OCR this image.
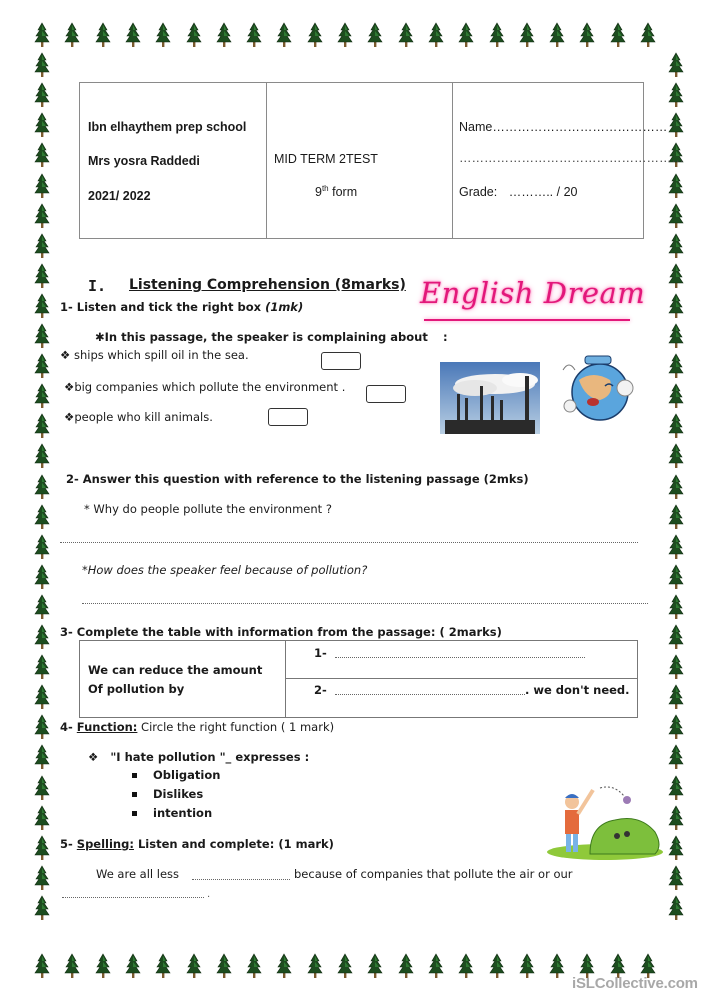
Ibn elhaythem prep school
Mrs yosra Raddedi
2021/ 2022
MID TERM 2TEST
9th form
Name……………………………………
………………………………………………
Grade: ……….. / 20
English Dream
I. Listening Comprehension (8marks)
1- Listen and tick the right box (1mk)
✱In this passage, the speaker is complaining about :
❖ ships which spill oil in the sea.
❖big companies which pollute the environment .
❖people who kill animals.
2- Answer this question with reference to the listening passage (2mks)
* Why do people pollute the environment ?
*How does the speaker feel because of pollution?
3- Complete the table with information from the passage: ( 2marks)
We can reduce the amount
Of pollution by
1-
2-	. we don't need.
4- Function: Circle the right function ( 1 mark)
❖ "I hate pollution "_ expresses :
Obligation
Dislikes
intention
5- Spelling: Listen and complete: (1 mark)
We are all less	because of companies that pollute the air or our
.
iSLCollective.com
